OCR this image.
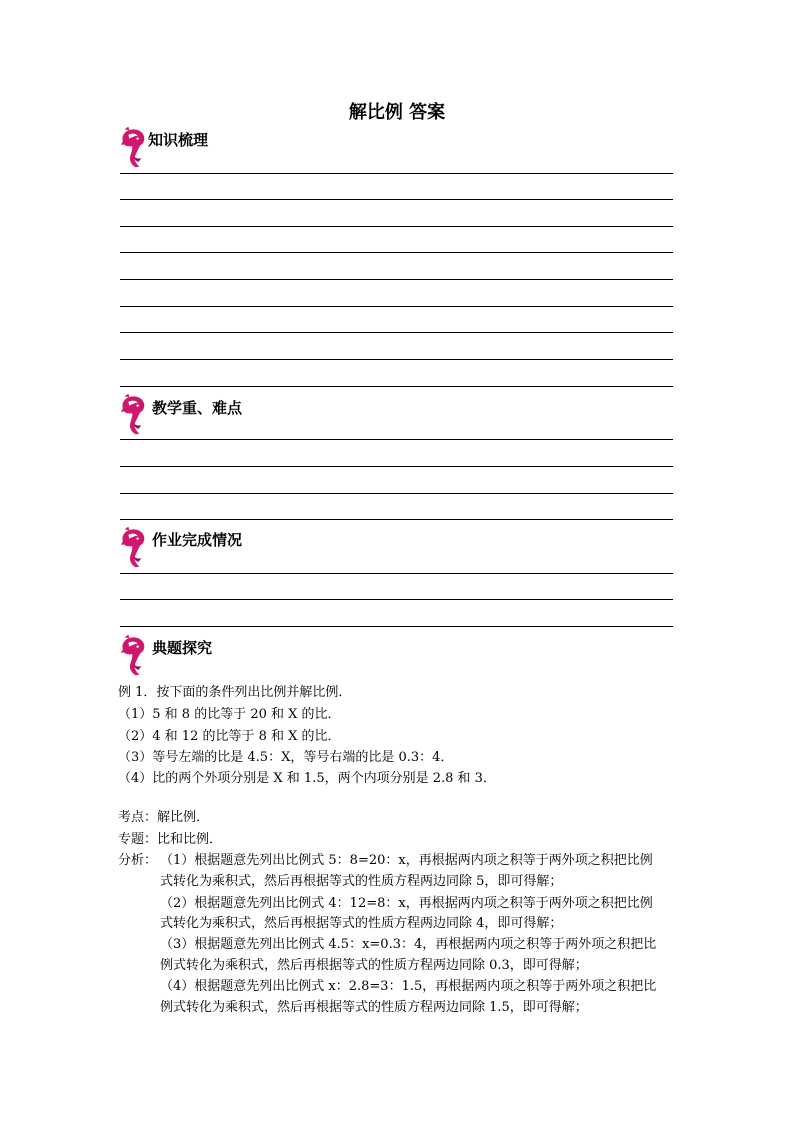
解比例 答案
知识梳理
教学重、难点
作业完成情况
典题探究
例 1．按下面的条件列出比例并解比例．
（1）5 和 8 的比等于 20 和 X 的比．
（2）4 和 12 的比等于 8 和 X 的比．
（3）等号左端的比是 4.5：X，等号右端的比是 0.3：4．
（4）比的两个外项分别是 X 和 1.5，两个内项分别是 2.8 和 3．
考点：解比例．
专题：比和比例．
分析： （1）根据题意先列出比例式 5：8=20：x，再根据两内项之积等于两外项之积把比例
式转化为乘积式，然后再根据等式的性质方程两边同除 5，即可得解；
（2）根据题意先列出比例式 4：12=8：x，再根据两内项之积等于两外项之积把比例
式转化为乘积式，然后再根据等式的性质方程两边同除 4，即可得解；
（3）根据题意先列出比例式 4.5：x=0.3：4，再根据两内项之积等于两外项之积把比
例式转化为乘积式，然后再根据等式的性质方程两边同除 0.3，即可得解；
（4）根据题意先列出比例式 x：2.8=3：1.5，再根据两内项之积等于两外项之积把比
例式转化为乘积式，然后再根据等式的性质方程两边同除 1.5，即可得解；
